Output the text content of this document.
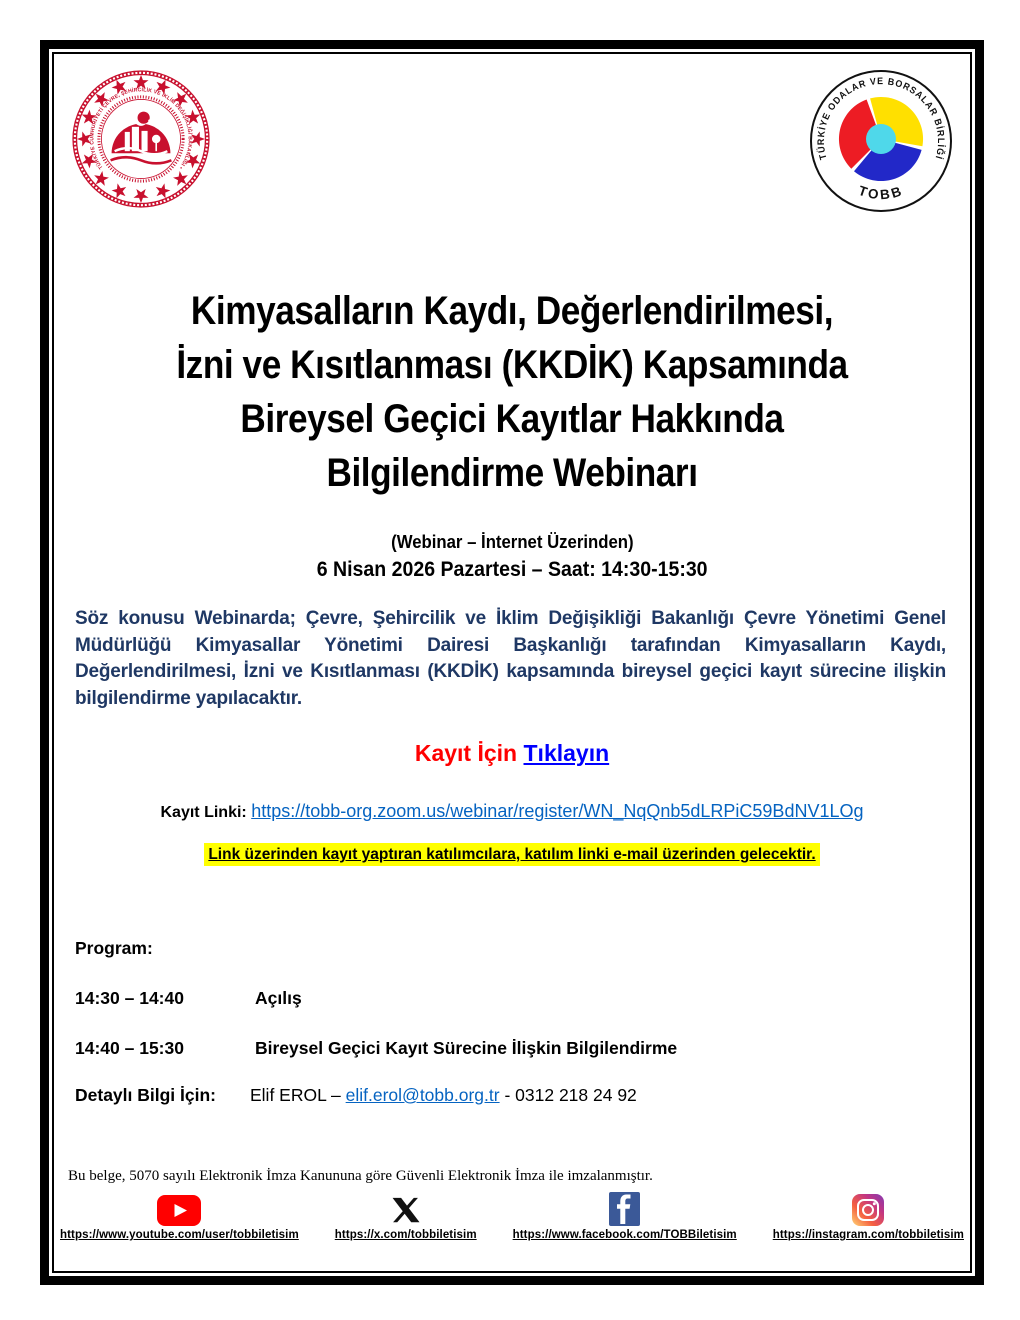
TÜRKİYE CUMHURİYETİ ÇEVRE, ŞEHİRCİLİK VE İKLİM DEĞİŞİKLİĞİ BAKANLIĞI •
TÜRKİYE ODALAR VE BORSALAR BİRLİĞİ
TOBB
Kimyasalların Kaydı, Değerlendirilmesi,
İzni ve Kısıtlanması (KKDİK) Kapsamında
Bireysel Geçici Kayıtlar Hakkında
Bilgilendirme Webinarı
(Webinar – İnternet Üzerinden)
6 Nisan 2026 Pazartesi – Saat: 14:30-15:30

Söz konusu Webinarda; Çevre, Şehircilik ve İklim Değişikliği Bakanlığı Çevre Yönetimi Genel Müdürlüğü Kimyasallar Yönetimi Dairesi Başkanlığı tarafından Kimyasalların Kaydı, Değerlendirilmesi, İzni ve Kısıtlanması (KKDİK) kapsamında bireysel geçici kayıt sürecine ilişkin bilgilendirme yapılacaktır.

Kayıt İçin Tıklayın
Kayıt Linki: https://tobb-org.zoom.us/webinar/register/WN_NqQnb5dLRPiC59BdNV1LOg
Link üzerinden kayıt yaptıran katılımcılara, katılım linki e-mail üzerinden gelecektir.
Program:
14:30 – 14:40	Açılış
14:40 – 15:30	Bireysel Geçici Kayıt Sürecine İlişkin Bilgilendirme
Detaylı Bilgi İçin:	Elif EROL – elif.erol@tobb.org.tr - 0312 218 24 92
Bu belge, 5070 sayılı Elektronik İmza Kanununa göre Güvenli Elektronik İmza ile imzalanmıştır.
https://www.youtube.com/user/tobbiletisim	https://x.com/tobbiletisim	https://www.facebook.com/TOBBiletisim	https://instagram.com/tobbiletisim
